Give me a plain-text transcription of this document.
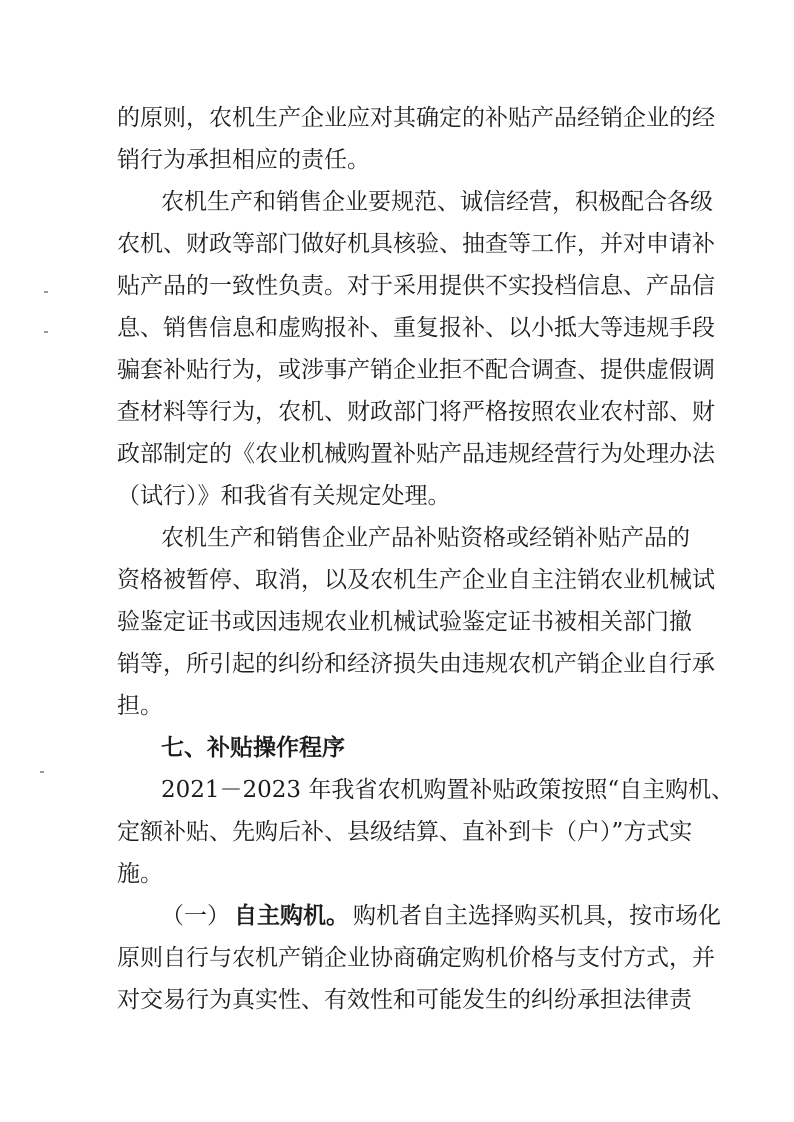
的原则，农机生产企业应对其确定的补贴产品经销企业的经
销行为承担相应的责任。
农机生产和销售企业要规范、诚信经营，积极配合各级
农机、财政等部门做好机具核验、抽查等工作，并对申请补
贴产品的一致性负责。对于采用提供不实投档信息、产品信
息、销售信息和虚购报补、重复报补、以小抵大等违规手段
骗套补贴行为，或涉事产销企业拒不配合调查、提供虚假调
查材料等行为，农机、财政部门将严格按照农业农村部、财
政部制定的《农业机械购置补贴产品违规经营行为处理办法
（试行）》和我省有关规定处理。
农机生产和销售企业产品补贴资格或经销补贴产品的
资格被暂停、取消，以及农机生产企业自主注销农业机械试
验鉴定证书或因违规农业机械试验鉴定证书被相关部门撤
销等，所引起的纠纷和经济损失由违规农机产销企业自行承
担。
七、补贴操作程序
2021－2023 年我省农机购置补贴政策按照“自主购机、
定额补贴、先购后补、县级结算、直补到卡（户）”方式实
施。
（一） 自主购机。 购机者自主选择购买机具，按市场化
原则自行与农机产销企业协商确定购机价格与支付方式，并
对交易行为真实性、有效性和可能发生的纠纷承担法律责
